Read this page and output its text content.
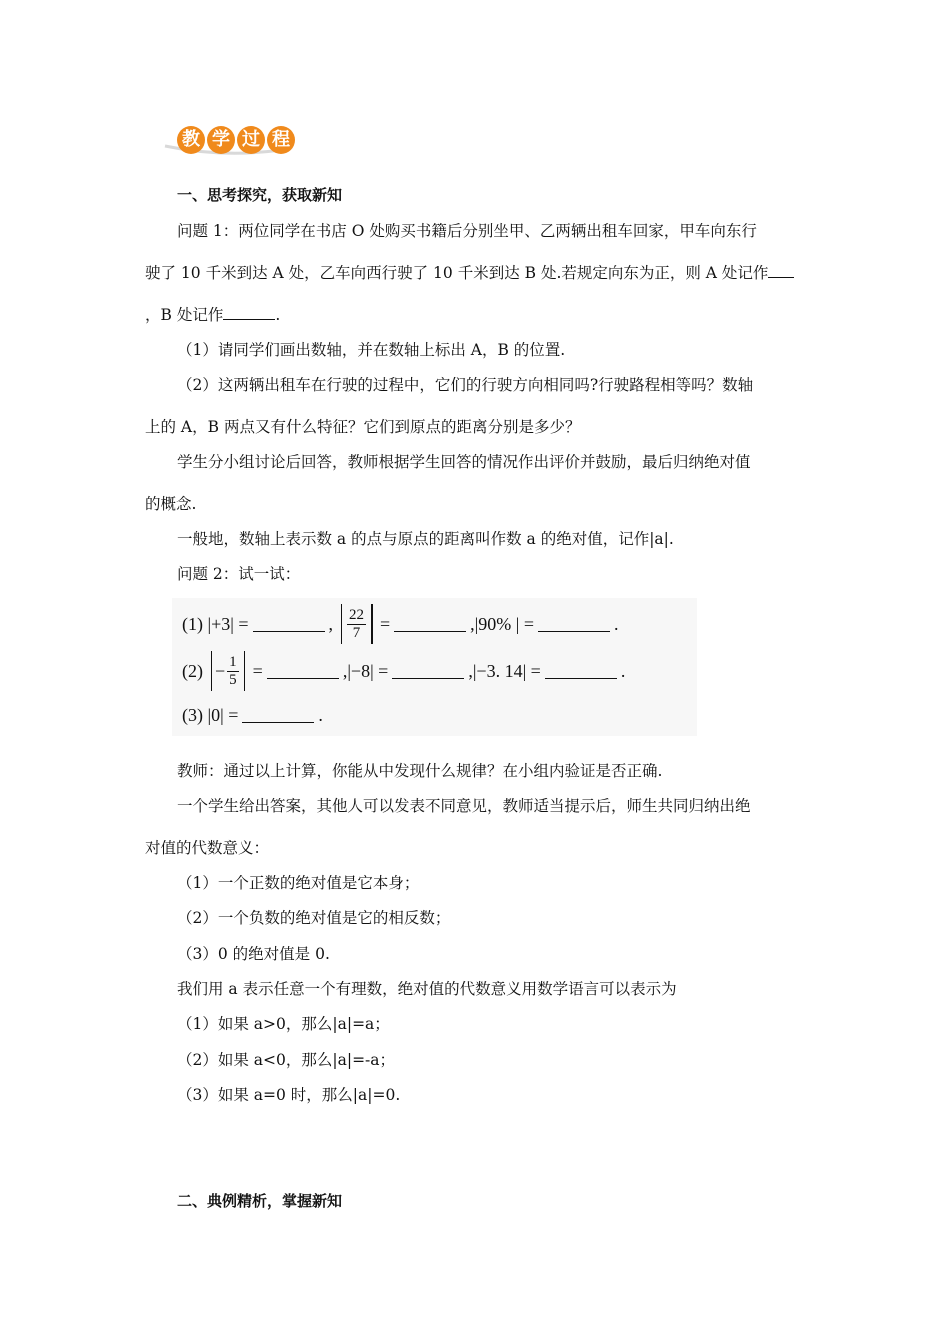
教 学 过 程
一、思考探究，获取新知
问题 1：两位同学在书店 O 处购买书籍后分别坐甲、乙两辆出租车回家，甲车向东行
驶了 10 千米到达 A 处，乙车向西行驶了 10 千米到达 B 处.若规定向东为正，则 A 处记作
，B 处记作	.
（1）请同学们画出数轴，并在数轴上标出 A，B 的位置.
（2）这两辆出租车在行驶的过程中，它们的行驶方向相同吗?行驶路程相等吗？数轴
上的 A，B 两点又有什么特征？它们到原点的距离分别是多少？
学生分小组讨论后回答，教师根据学生回答的情况作出评价并鼓励，最后归纳绝对值
的概念.
一般地，数轴上表示数 a 的点与原点的距离叫作数 a 的绝对值，记作|a|.
问题 2：试一试：
(1)
|+3| =	,
$\frac{22}{7}$
=	, |90% | =	.
(2)
− $\frac{1}{5}$
=	, |−8| =	, |−3. 14| =	.
(3)
|0| =	.
教师：通过以上计算，你能从中发现什么规律？在小组内验证是否正确.
一个学生给出答案，其他人可以发表不同意见，教师适当提示后，师生共同归纳出绝
对值的代数意义：
（1）一个正数的绝对值是它本身；
（2）一个负数的绝对值是它的相反数；
（3）0 的绝对值是 0.
我们用 a 表示任意一个有理数，绝对值的代数意义用数学语言可以表示为
（1）如果 a>0，那么|a|=a；
（2）如果 a<0，那么|a|=-a；
（3）如果 a=0 时，那么|a|=0.
二、典例精析，掌握新知
